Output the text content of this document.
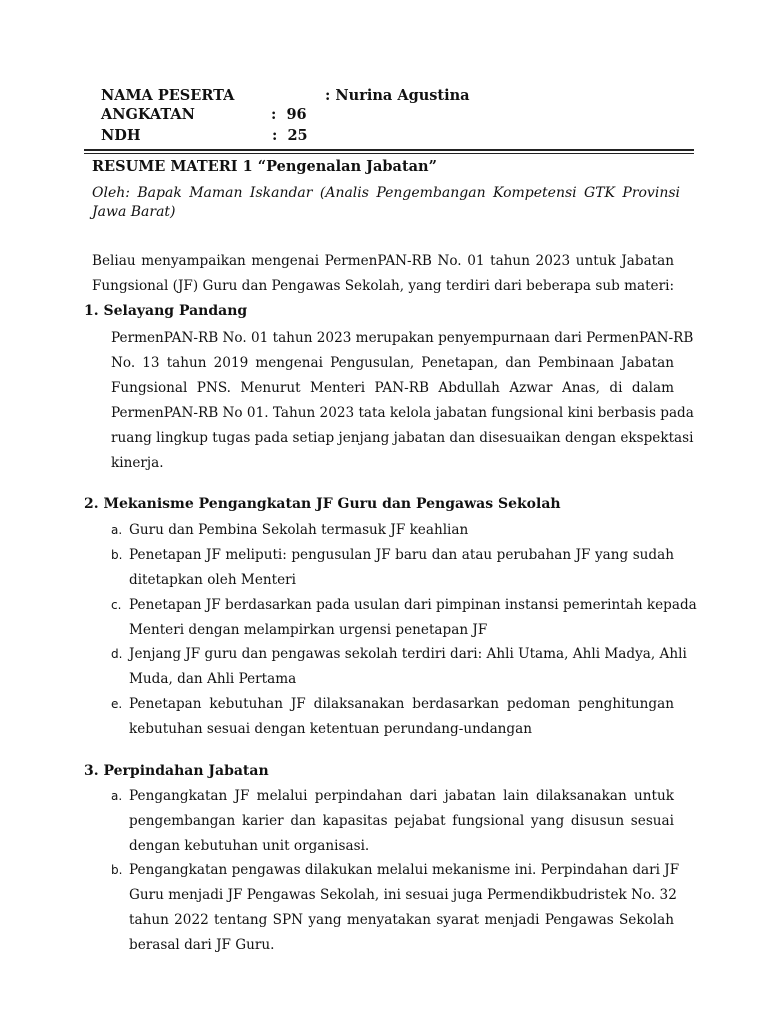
NAMA PESERTA	: Nurina Agustina
ANGKATAN	:  96
NDH	:  25
RESUME MATERI 1 “Pengenalan Jabatan”
Oleh: Bapak Maman Iskandar (Analis Pengembangan Kompetensi GTK Provinsi Jawa Barat)
Beliau menyampaikan mengenai PermenPAN-RB No. 01 tahun 2023 untuk Jabatan
Fungsional (JF) Guru dan Pengawas Sekolah, yang terdiri dari beberapa sub materi:
1. Selayang Pandang
PermenPAN-RB No. 01 tahun 2023 merupakan penyempurnaan dari PermenPAN-RB
No. 13 tahun 2019 mengenai Pengusulan, Penetapan, dan Pembinaan Jabatan
Fungsional PNS. Menurut Menteri PAN-RB Abdullah Azwar Anas, di dalam
PermenPAN-RB No 01. Tahun 2023 tata kelola jabatan fungsional kini berbasis pada
ruang lingkup tugas pada setiap jenjang jabatan dan disesuaikan dengan ekspektasi
kinerja.
2. Mekanisme Pengangkatan JF Guru dan Pengawas Sekolah
a. Guru dan Pembina Sekolah termasuk JF keahlian
b. Penetapan JF meliputi: pengusulan JF baru dan atau perubahan JF yang sudah
ditetapkan oleh Menteri
c. Penetapan JF berdasarkan pada usulan dari pimpinan instansi pemerintah kepada
Menteri dengan melampirkan urgensi penetapan JF
d. Jenjang JF guru dan pengawas sekolah terdiri dari: Ahli Utama, Ahli Madya, Ahli
Muda, dan Ahli Pertama
e. Penetapan kebutuhan JF dilaksanakan berdasarkan pedoman penghitungan
kebutuhan sesuai dengan ketentuan perundang-undangan
3. Perpindahan Jabatan
a. Pengangkatan JF melalui perpindahan dari jabatan lain dilaksanakan untuk
pengembangan karier dan kapasitas pejabat fungsional yang disusun sesuai
dengan kebutuhan unit organisasi.
b. Pengangkatan pengawas dilakukan melalui mekanisme ini. Perpindahan dari JF
Guru menjadi JF Pengawas Sekolah, ini sesuai juga Permendikbudristek No. 32
tahun 2022 tentang SPN yang menyatakan syarat menjadi Pengawas Sekolah
berasal dari JF Guru.
